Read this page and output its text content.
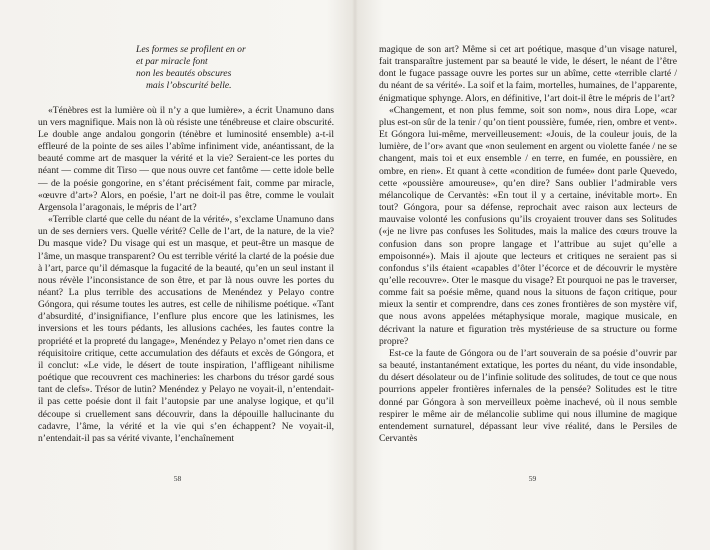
Les formes se profilent en or
et par miracle font
non les beautés obscures
mais l’obscurité belle.

«Ténèbres est la lumière où il n’y a que lumière», a écrit Unamuno dans un vers magnifique. Mais non là où résiste une ténébreuse et claire obscurité. Le double ange andalou gongorin (ténèbre et luminosité ensemble) a-t-il effleuré de la pointe de ses ailes l’abîme infiniment vide, anéantissant, de la beauté comme art de masquer la vérité et la vie? Seraient-ce les portes du néant — comme dit Tirso — que nous ouvre cet fantôme — cette idole belle — de la poésie gongorine, en s’étant précisément fait, comme par miracle, «œuvre d’art»? Alors, en poésie, l’art ne doit-il pas être, comme le voulait Argensola l’aragonais, le mépris de l’art?

«Terrible clarté que celle du néant de la vérité», s’exclame Unamuno dans un de ses derniers vers. Quelle vérité? Celle de l’art, de la nature, de la vie? Du masque vide? Du visage qui est un masque, et peut-être un masque de l’âme, un masque transparent? Ou est terrible vérité la clarté de la poésie due à l’art, parce qu’il démasque la fugacité de la beauté, qu’en un seul instant il nous révèle l’inconsistance de son être, et par là nous ouvre les portes du néant? La plus terrible des accusations de Menéndez y Pelayo contre Góngora, qui résume toutes les autres, est celle de nihilisme poétique. «Tant d’absurdité, d’insignifiance, l’enflure plus encore que les latinismes, les inversions et les tours pédants, les allusions cachées, les fautes contre la propriété et la propreté du langage», Menéndez y Pelayo n’omet rien dans ce réquisitoire critique, cette accumulation des défauts et excès de Góngora, et il conclut: «Le vide, le désert de toute inspiration, l’affligeant nihilisme poétique que recouvrent ces machineries: les charbons du trésor gardé sous tant de clefs». Trésor de lutin? Menéndez y Pelayo ne voyait-il, n’entendait-il pas cette poésie dont il fait l’autopsie par une analyse logique, et qu’il découpe si cruellement sans découvrir, dans la dépouille hallucinante du cadavre, l’âme, la vérité et la vie qui s’en échappent? Ne voyait-il, n’entendait-il pas sa vérité vivante, l’enchaînement

58

magique de son art? Même si cet art poétique, masque d’un visage naturel, fait transparaître justement par sa beauté le vide, le désert, le néant de l’être dont le fugace passage ouvre les portes sur un abîme, cette «terrible clarté / du néant de sa vérité». La soif et la faim, mortelles, humaines, de l’apparente, énigmatique sphynge. Alors, en définitive, l’art doit-il être le mépris de l’art?

«Changement, et non plus femme, soit son nom», nous dira Lope, «car plus est-on sûr de la tenir / qu’on tient poussière, fumée, rien, ombre et vent». Et Góngora lui-même, merveilleusement: «Jouis, de la couleur jouis, de la lumière, de l’or» avant que «non seulement en argent ou violette fanée / ne se changent, mais toi et eux ensemble / en terre, en fumée, en poussière, en ombre, en rien». Et quant à cette «condition de fumée» dont parle Quevedo, cette «poussière amoureuse», qu’en dire? Sans oublier l’admirable vers mélancolique de Cervantès: «En tout il y a certaine, inévitable mort». En tout? Góngora, pour sa défense, reprochait avec raison aux lecteurs de mauvaise volonté les confusions qu’ils croyaient trouver dans ses Solitudes («je ne livre pas confuses les Solitudes, mais la malice des cœurs trouve la confusion dans son propre langage et l’attribue au sujet qu’elle a empoisonné»). Mais il ajoute que lecteurs et critiques ne seraient pas si confondus s’ils étaient «capables d’ôter l’écorce et de découvrir le mystère qu’elle recouvre». Oter le masque du visage? Et pourquoi ne pas le traverser, comme fait sa poésie même, quand nous la situons de façon critique, pour mieux la sentir et comprendre, dans ces zones frontières de son mystère vif, que nous avons appelées métaphysique morale, magique musicale, en décrivant la nature et figuration très mystérieuse de sa structure ou forme propre?

Est-ce la faute de Góngora ou de l’art souverain de sa poésie d’ouvrir par sa beauté, instantanément extatique, les portes du néant, du vide insondable, du désert désolateur ou de l’infinie solitude des solitudes, de tout ce que nous pourrions appeler frontières infernales de la pensée? Solitudes est le titre donné par Góngora à son merveilleux poème inachevé, où il nous semble respirer le même air de mélancolie sublime qui nous illumine de magique entendement surnaturel, dépassant leur vive réalité, dans le Persiles de Cervantès

59
